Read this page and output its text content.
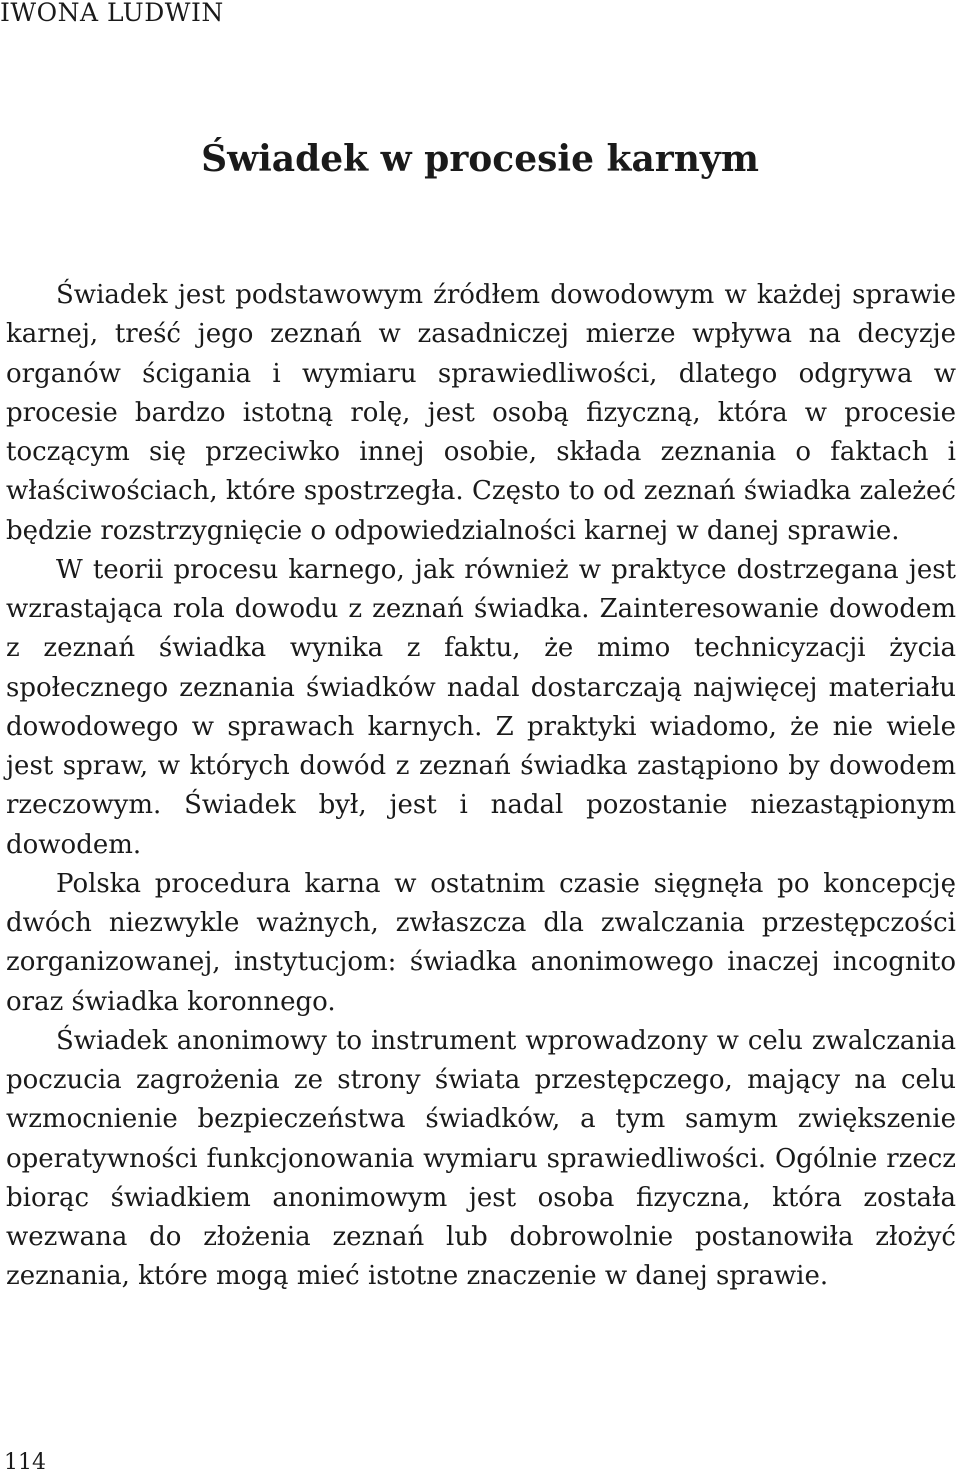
IWONA LUDWIN
Świadek w procesie karnym

Świadek jest podstawowym źródłem dowodowym w każdej sprawie karnej, treść jego zeznań w zasadniczej mierze wpływa na decyzje organów ścigania i wymiaru sprawiedliwości, dlatego odgrywa w procesie bardzo istotną rolę, jest osobą fizyczną, która w procesie toczącym się przeciwko innej osobie, składa zeznania o faktach i właściwościach, które spostrzegła. Często to od zeznań świadka zależeć będzie rozstrzygnięcie o odpowiedzialności karnej w danej sprawie.

W teorii procesu karnego, jak również w praktyce dostrzegana jest wzrastająca rola dowodu z zeznań świadka. Zainteresowanie dowodem z zeznań świadka wynika z faktu, że mimo technicyzacji życia społecznego zeznania świadków nadal dostarczają najwięcej materiału dowodowego w sprawach karnych. Z praktyki wiadomo, że nie wiele jest spraw, w których dowód z zeznań świadka zastąpiono by dowodem rzeczowym. Świadek był, jest i nadal pozostanie niezastąpionym dowodem.

Polska procedura karna w ostatnim czasie sięgnęła po koncepcję dwóch niezwykle ważnych, zwłaszcza dla zwalczania przestępczości zorganizowanej, instytucjom: świadka anonimowego inaczej incognito oraz świadka koronnego.

Świadek anonimowy to instrument wprowadzony w celu zwalczania poczucia zagrożenia ze strony świata przestępczego, mający na celu wzmocnienie bezpieczeństwa świadków, a tym samym zwiększenie operatywności funkcjonowania wymiaru sprawiedliwości. Ogólnie rzecz biorąc świadkiem anonimowym jest osoba fizyczna, która została wezwana do złożenia zeznań lub dobrowolnie postanowiła złożyć zeznania, które mogą mieć istotne znaczenie w danej sprawie.

114
